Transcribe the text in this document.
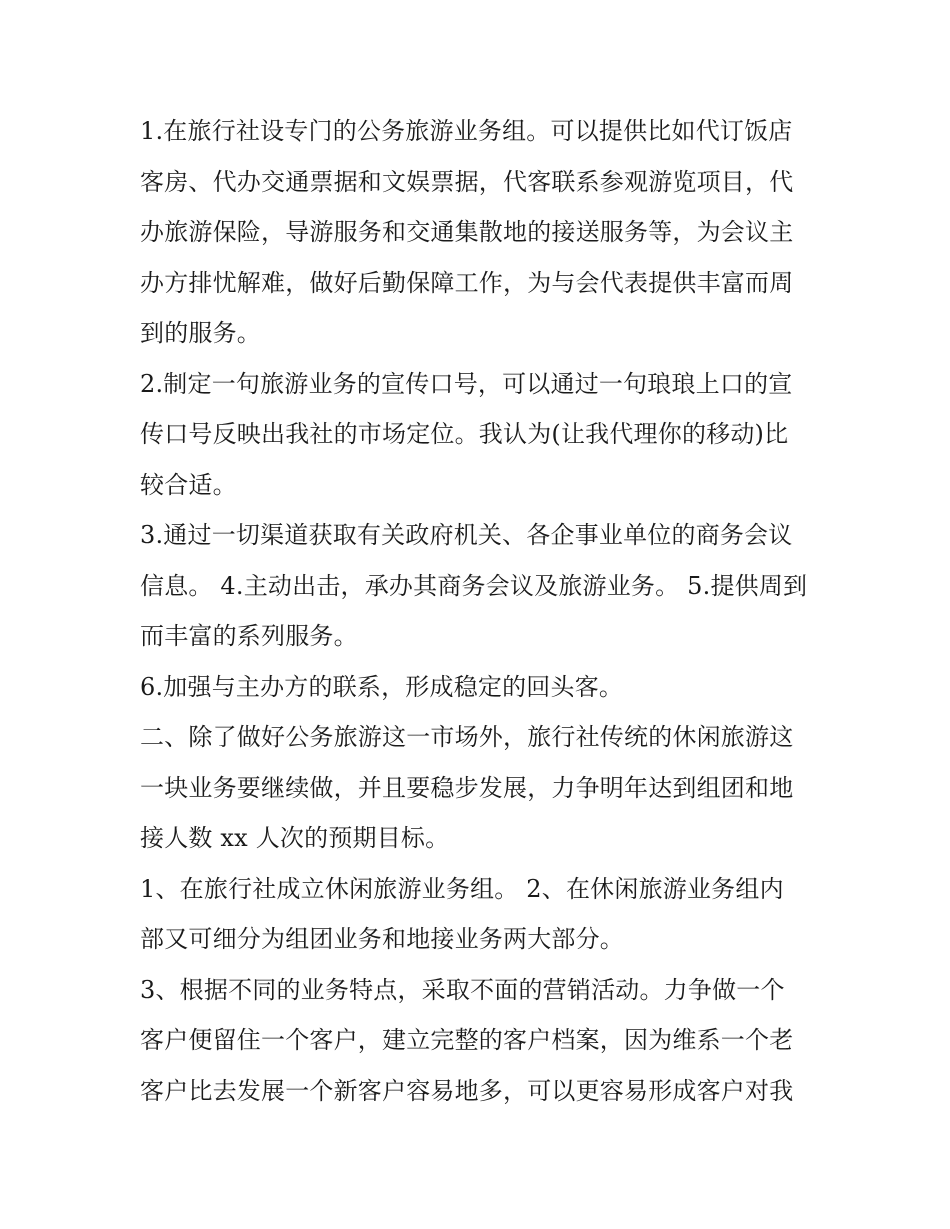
1.在旅行社设专门的公务旅游业务组。可以提供比如代订饭店
客房、代办交通票据和文娱票据，代客联系参观游览项目，代
办旅游保险，导游服务和交通集散地的接送服务等，为会议主
办方排忧解难，做好后勤保障工作，为与会代表提供丰富而周
到的服务。

2.制定一句旅游业务的宣传口号，可以通过一句琅琅上口的宣
传口号反映出我社的市场定位。我认为(让我代理你的移动)比
较合适。

3.通过一切渠道获取有关政府机关、各企事业单位的商务会议
信息。 4.主动出击，承办其商务会议及旅游业务。 5.提供周到
而丰富的系列服务。

6.加强与主办方的联系，形成稳定的回头客。

二、除了做好公务旅游这一市场外，旅行社传统的休闲旅游这
一块业务要继续做，并且要稳步发展，力争明年达到组团和地
接人数 xx 人次的预期目标。

1、在旅行社成立休闲旅游业务组。 2、在休闲旅游业务组内
部又可细分为组团业务和地接业务两大部分。

3、根据不同的业务特点，采取不面的营销活动。力争做一个
客户便留住一个客户，建立完整的客户档案，因为维系一个老
客户比去发展一个新客户容易地多，可以更容易形成客户对我
